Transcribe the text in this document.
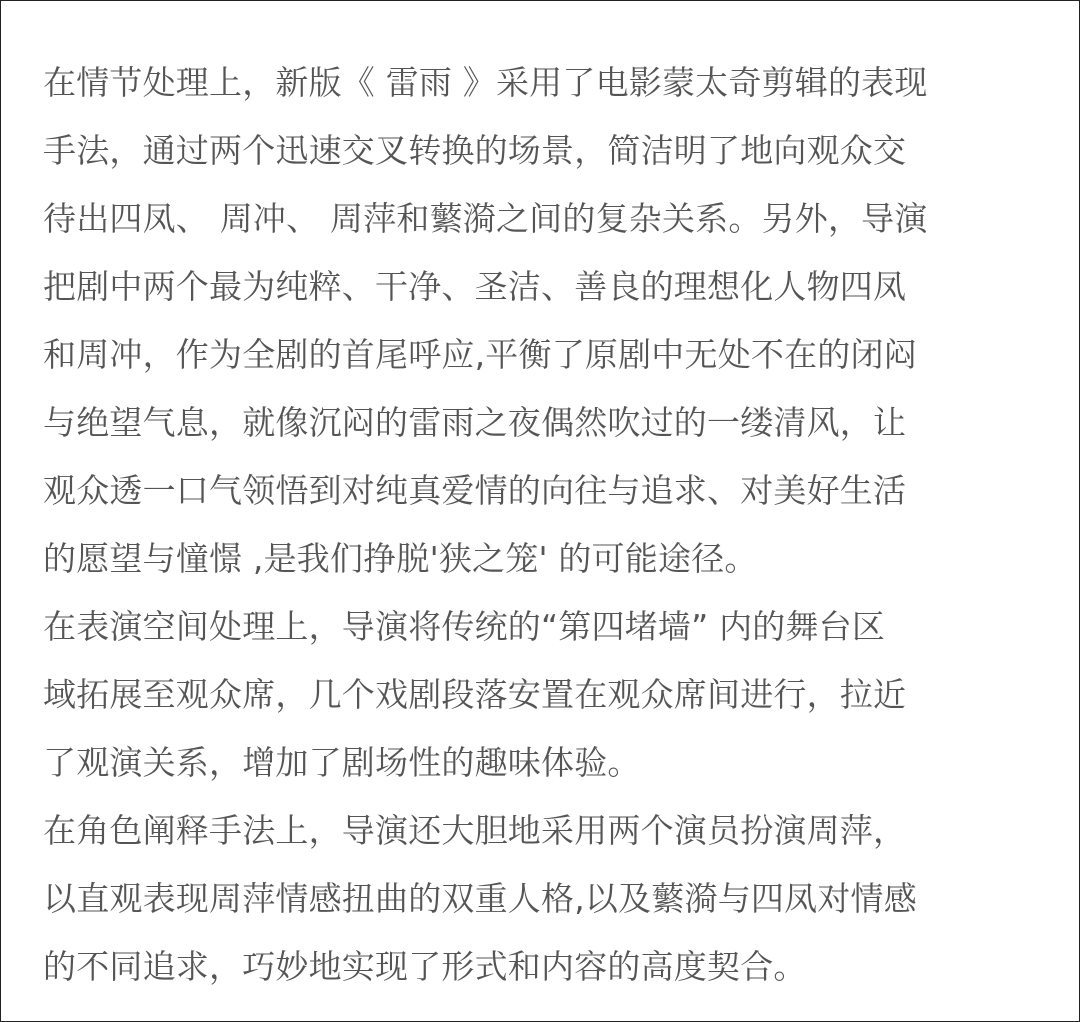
在情节处理上，新版《 雷雨 》采用了电影蒙太奇剪辑的表现
手法，通过两个迅速交叉转换的场景，简洁明了地向观众交
待出四凤、 周冲、 周萍和蘩漪之间的复杂关系。另外，导演
把剧中两个最为纯粹、干净、圣洁、善良的理想化人物四凤
和周冲，作为全剧的首尾呼应,平衡了原剧中无处不在的闭闷
与绝望气息，就像沉闷的雷雨之夜偶然吹过的一缕清风，让
观众透一口气领悟到对纯真爱情的向往与追求、对美好生活
的愿望与憧憬 ,是我们挣脱'狭之笼' 的可能途径。
在表演空间处理上，导演将传统的“第四堵墙” 内的舞台区
域拓展至观众席，几个戏剧段落安置在观众席间进行，拉近
了观演关系，增加了剧场性的趣味体验。
在角色阐释手法上，导演还大胆地采用两个演员扮演周萍，
以直观表现周萍情感扭曲的双重人格,以及蘩漪与四凤对情感
的不同追求，巧妙地实现了形式和内容的高度契合。
